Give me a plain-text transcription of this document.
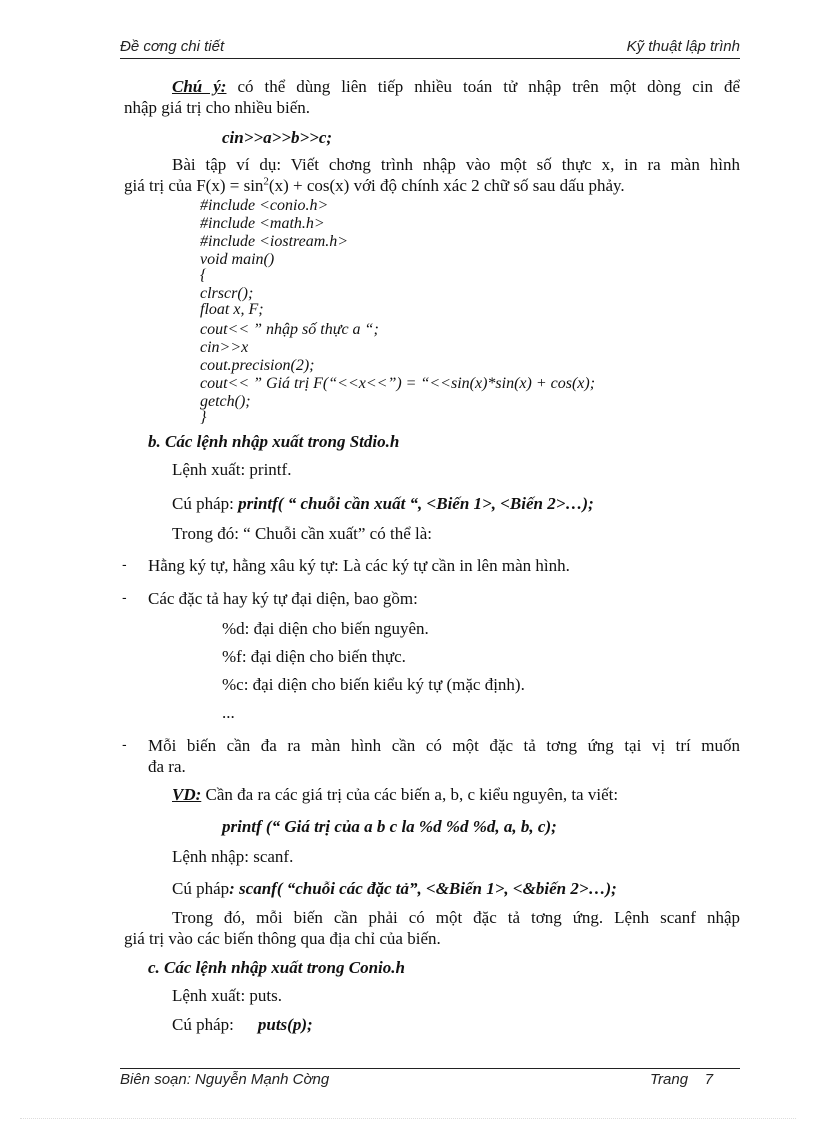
Đề cơng chi tiết	Kỹ thuật lập trình
Chú ý: có thể dùng liên tiếp nhiều toán tử nhập trên một dòng cin để
nhập giá trị cho nhiều biến.
cin>>a>>b>>c;
Bài tập ví dụ: Viết chơng trình nhập vào một số thực x, in ra màn hình
giá trị của $F(x) = \sin^2(x) + \cos(x)$ với độ chính xác 2 chữ số sau dấu phảy.
#include <conio.h>
#include <math.h>
#include <iostream.h>
void main()
{
clrscr();
float x, F;
cout<< ” nhập số thực a “;
cin>>x
cout.precision(2);
cout<< ” Giá trị F(“<<x<<”) = “<<sin(x)*sin(x) + cos(x);
getch();
}
b. Các lệnh nhập xuất trong Stdio.h
Lệnh xuất: printf.
Cú pháp: printf( “ chuỗi cần xuất “, <Biến 1>, <Biến 2>…);
Trong đó: “ Chuỗi cần xuất” có thể là:
- Hằng ký tự, hằng xâu ký tự: Là các ký tự cần in lên màn hình.
- Các đặc tả hay ký tự đại diện, bao gồm:
%d: đại diện cho biến nguyên.
%f: đại diện cho biến thực.
%c: đại diện cho biến kiểu ký tự (mặc định).
...
- Mỗi biến cần đa ra màn hình cần có một đặc tả tơng ứng tại vị trí muốn
đa ra.
VD: Cần đa ra các giá trị của các biến a, b, c kiểu nguyên, ta viết:
printf (“ Giá trị của a b c la %d %d %d, a, b, c);
Lệnh nhập: scanf.
Cú pháp: scanf( “chuỗi các đặc tả”, <&Biến 1>, <&biến 2>…);
Trong đó, mỗi biến cần phải có một đặc tả tơng ứng. Lệnh scanf nhập
giá trị vào các biến thông qua địa chỉ của biến.
c. Các lệnh nhập xuất trong Conio.h
Lệnh xuất: puts.
Cú pháp: puts(p);
Biên soạn: Nguyễn Mạnh Cờng	Trang 7
